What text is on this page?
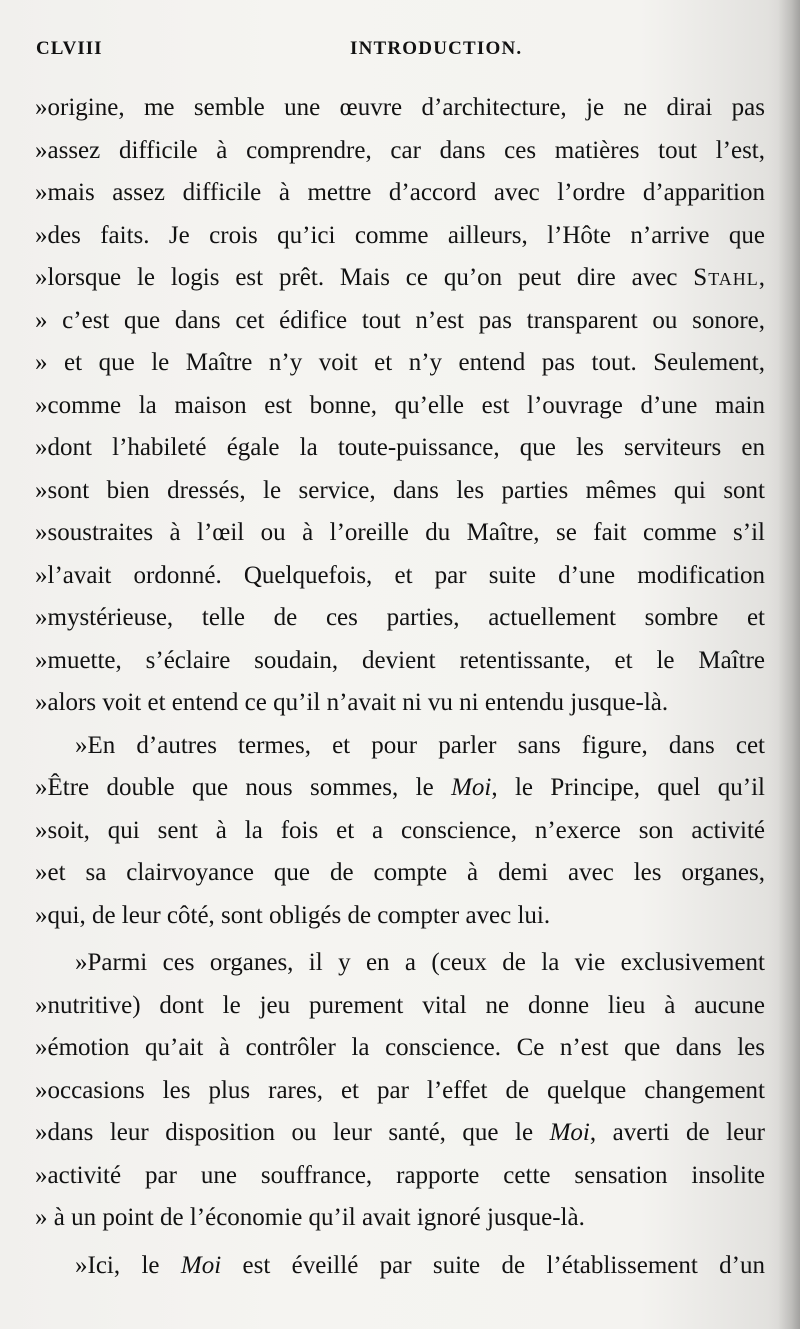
CLVIII	INTRODUCTION.
»origine, me semble une œuvre d’architecture, je ne dirai pas
»assez difficile à comprendre, car dans ces matières tout l’est,
»mais assez difficile à mettre d’accord avec l’ordre d’apparition
»des faits. Je crois qu’ici comme ailleurs, l’Hôte n’arrive que
»lorsque le logis est prêt. Mais ce qu’on peut dire avec Stahl,
» c’est que dans cet édifice tout n’est pas transparent ou sonore,
» et que le Maître n’y voit et n’y entend pas tout. Seulement,
»comme la maison est bonne, qu’elle est l’ouvrage d’une main
»dont l’habileté égale la toute-puissance, que les serviteurs en
»sont bien dressés, le service, dans les parties mêmes qui sont
»soustraites à l’œil ou à l’oreille du Maître, se fait comme s’il
»l’avait ordonné. Quelquefois, et par suite d’une modification
»mystérieuse, telle de ces parties, actuellement sombre et
»muette, s’éclaire soudain, devient retentissante, et le Maître
»alors voit et entend ce qu’il n’avait ni vu ni entendu jusque-là.
»En d’autres termes, et pour parler sans figure, dans cet
»Être double que nous sommes, le Moi, le Principe, quel qu’il
»soit, qui sent à la fois et a conscience, n’exerce son activité
»et sa clairvoyance que de compte à demi avec les organes,
»qui, de leur côté, sont obligés de compter avec lui.
»Parmi ces organes, il y en a (ceux de la vie exclusivement
»nutritive) dont le jeu purement vital ne donne lieu à aucune
»émotion qu’ait à contrôler la conscience. Ce n’est que dans les
»occasions les plus rares, et par l’effet de quelque changement
»dans leur disposition ou leur santé, que le Moi, averti de leur
»activité par une souffrance, rapporte cette sensation insolite
» à un point de l’économie qu’il avait ignoré jusque-là.
»Ici, le Moi est éveillé par suite de l’établissement d’un
